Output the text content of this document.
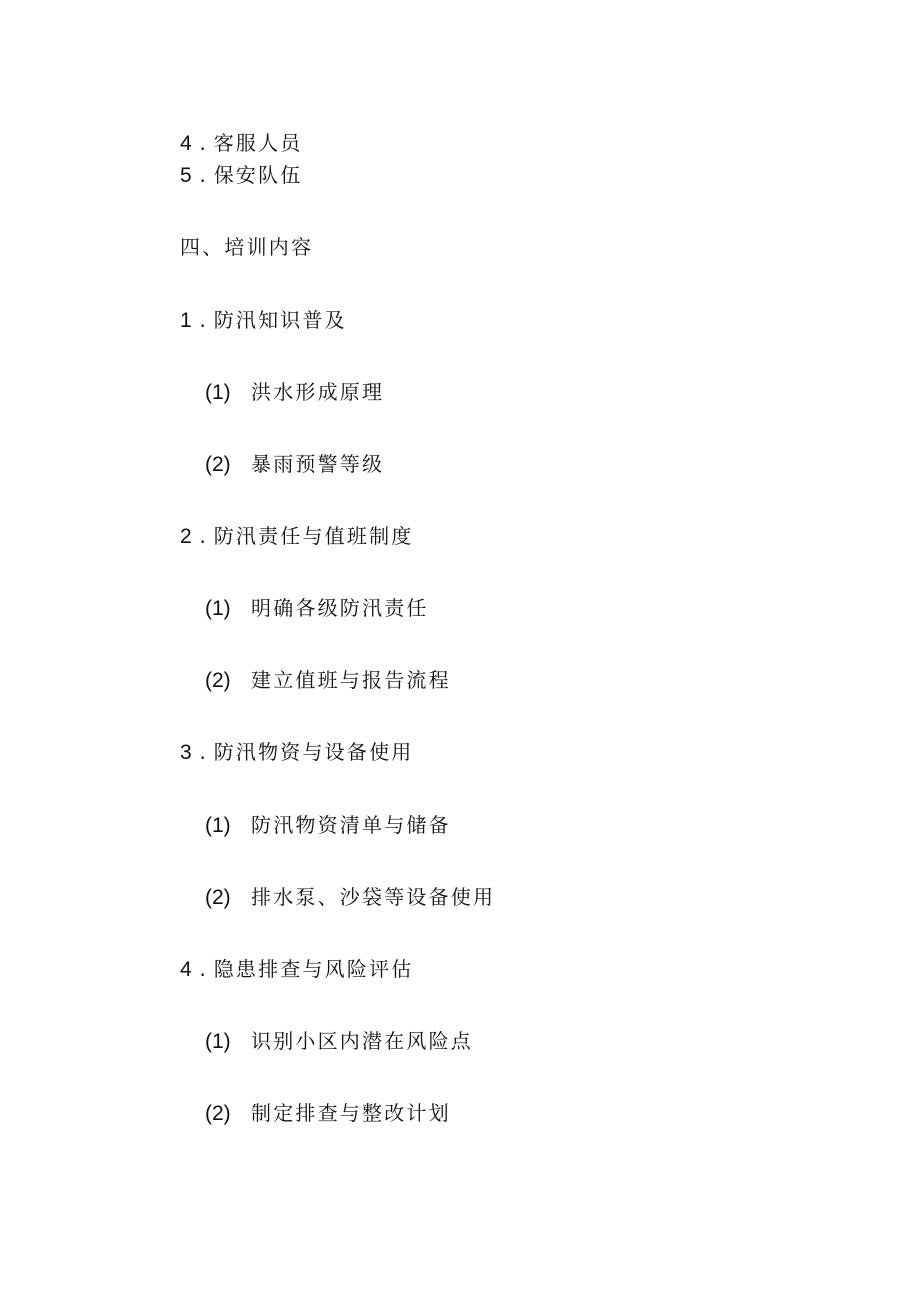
4 . 客服人员
5 . 保安队伍
四、培训内容
1 . 防汛知识普及
(1) 洪水形成原理
(2) 暴雨预警等级
2 . 防汛责任与值班制度
(1) 明确各级防汛责任
(2) 建立值班与报告流程
3 . 防汛物资与设备使用
(1) 防汛物资清单与储备
(2) 排水泵、沙袋等设备使用
4 . 隐患排查与风险评估
(1) 识别小区内潜在风险点
(2) 制定排查与整改计划
